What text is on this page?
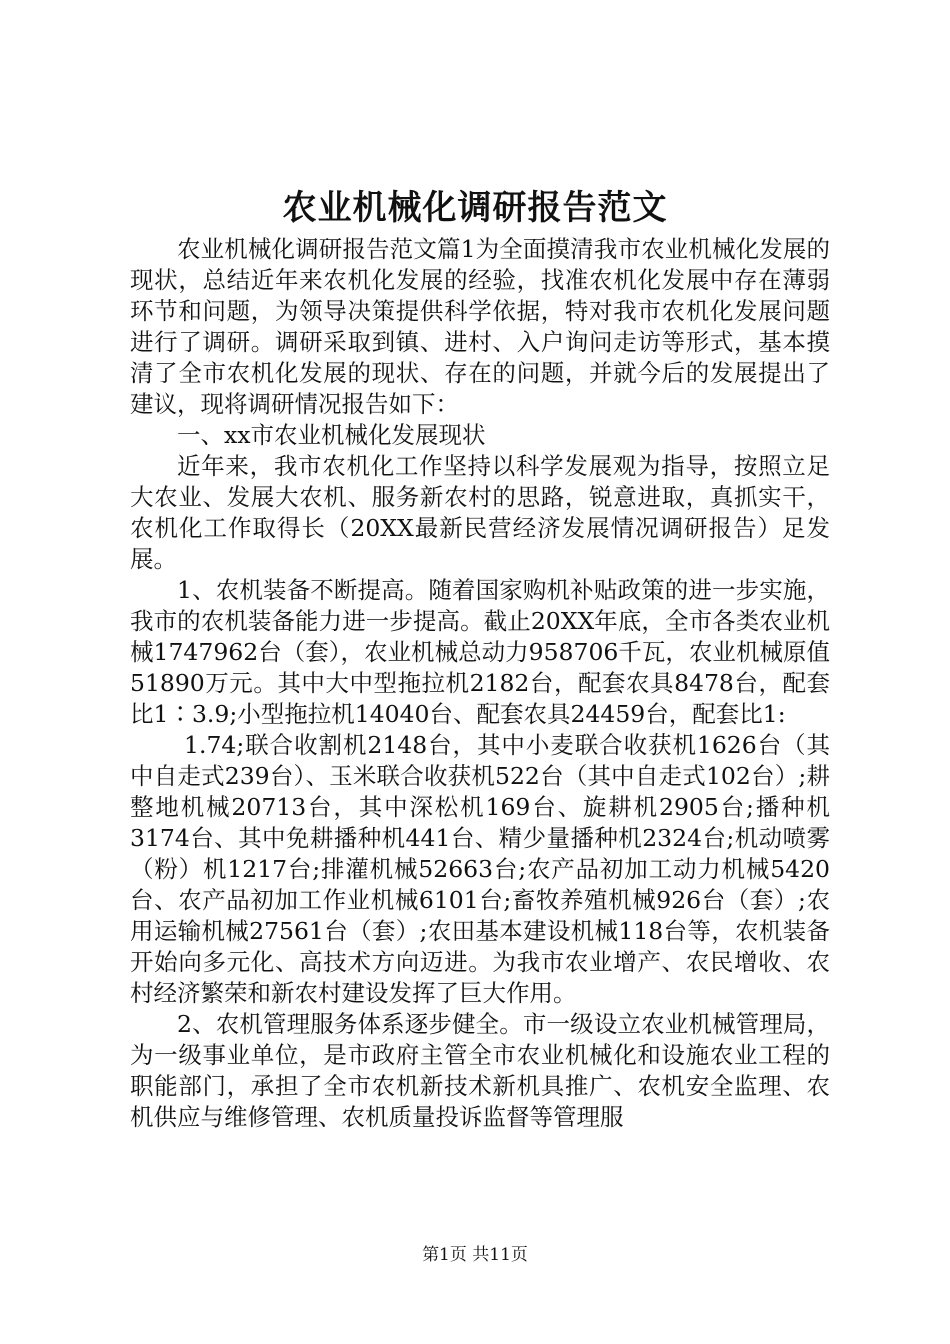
农业机械化调研报告范文

农业机械化调研报告范文篇1为全面摸清我市农业机械化发展的现状，总结近年来农机化发展的经验，找准农机化发展中存在薄弱环节和问题，为领导决策提供科学依据，特对我市农机化发展问题进行了调研。调研采取到镇、进村、入户询问走访等形式，基本摸清了全市农机化发展的现状、存在的问题，并就今后的发展提出了建议，现将调研情况报告如下：

一、xx市农业机械化发展现状

近年来，我市农机化工作坚持以科学发展观为指导，按照立足大农业、发展大农机、服务新农村的思路，锐意进取，真抓实干，农机化工作取得长（20XX最新民营经济发展情况调研报告）足发展。

1、农机装备不断提高。随着国家购机补贴政策的进一步实施，我市的农机装备能力进一步提高。截止20XX年底，全市各类农业机械1747962台（套），农业机械总动力958706千瓦，农业机械原值51890万元。其中大中型拖拉机2182台，配套农具8478台，配套比1∶3.9;小型拖拉机14040台、配套农具24459台，配套比1:

1.74;联合收割机2148台，其中小麦联合收获机1626台（其中自走式239台）、玉米联合收获机522台（其中自走式102台）;耕整地机械20713台，其中深松机169台、旋耕机2905台;播种机3174台、其中免耕播种机441台、精少量播种机2324台;机动喷雾（粉）机1217台;排灌机械52663台;农产品初加工动力机械5420台、农产品初加工作业机械6101台;畜牧养殖机械926台（套）;农用运输机械27561台（套）;农田基本建设机械118台等，农机装备开始向多元化、高技术方向迈进。为我市农业增产、农民增收、农村经济繁荣和新农村建设发挥了巨大作用。

2、农机管理服务体系逐步健全。市一级设立农业机械管理局，为一级事业单位，是市政府主管全市农业机械化和设施农业工程的职能部门，承担了全市农机新技术新机具推广、农机安全监理、农机供应与维修管理、农机质量投诉监督等管理服

第1页 共11页
